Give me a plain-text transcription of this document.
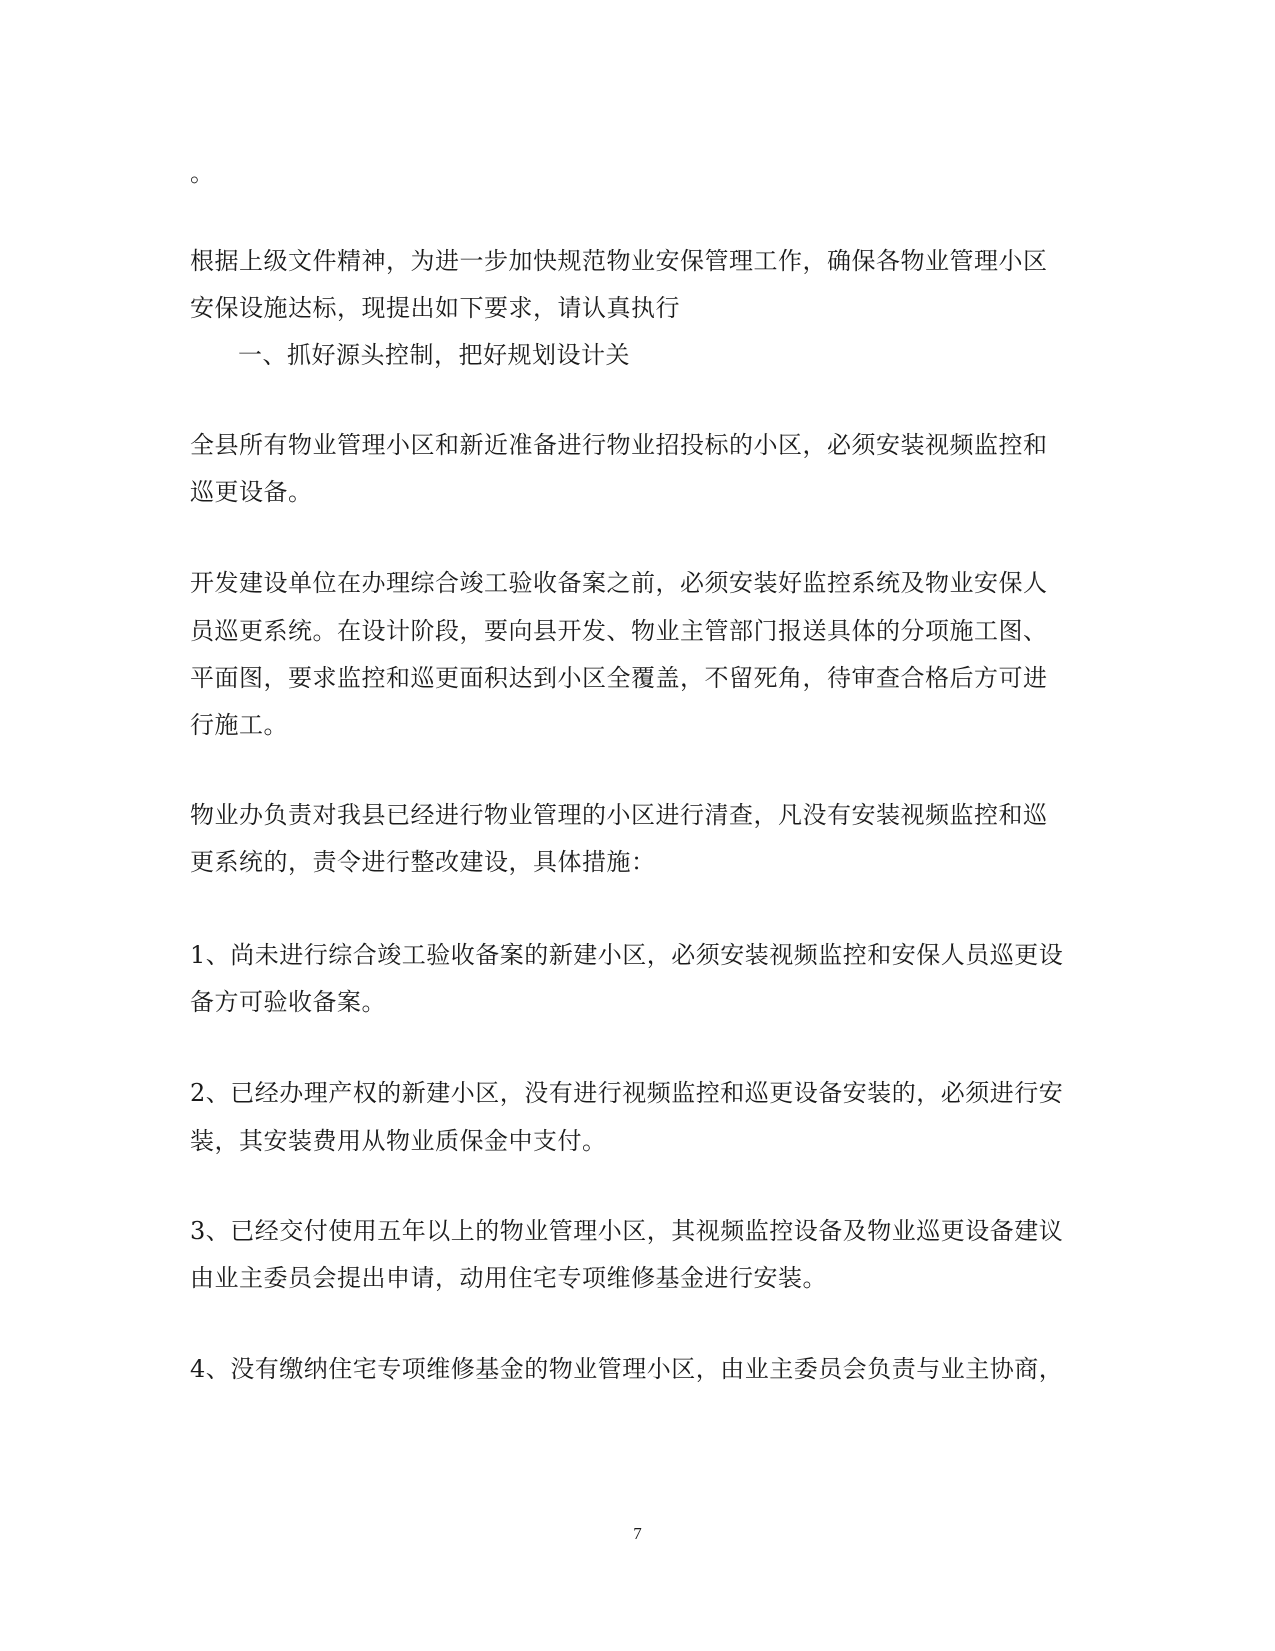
。
根据上级文件精神，为进一步加快规范物业安保管理工作，确保各物业管理小区
安保设施达标，现提出如下要求，请认真执行
一、抓好源头控制，把好规划设计关
全县所有物业管理小区和新近准备进行物业招投标的小区，必须安装视频监控和
巡更设备。
开发建设单位在办理综合竣工验收备案之前，必须安装好监控系统及物业安保人
员巡更系统。在设计阶段，要向县开发、物业主管部门报送具体的分项施工图、
平面图，要求监控和巡更面积达到小区全覆盖，不留死角，待审查合格后方可进
行施工。
物业办负责对我县已经进行物业管理的小区进行清查，凡没有安装视频监控和巡
更系统的，责令进行整改建设，具体措施：
1、尚未进行综合竣工验收备案的新建小区，必须安装视频监控和安保人员巡更设
备方可验收备案。
2、已经办理产权的新建小区，没有进行视频监控和巡更设备安装的，必须进行安
装，其安装费用从物业质保金中支付。
3、已经交付使用五年以上的物业管理小区，其视频监控设备及物业巡更设备建议
由业主委员会提出申请，动用住宅专项维修基金进行安装。
4、没有缴纳住宅专项维修基金的物业管理小区，由业主委员会负责与业主协商，
7
